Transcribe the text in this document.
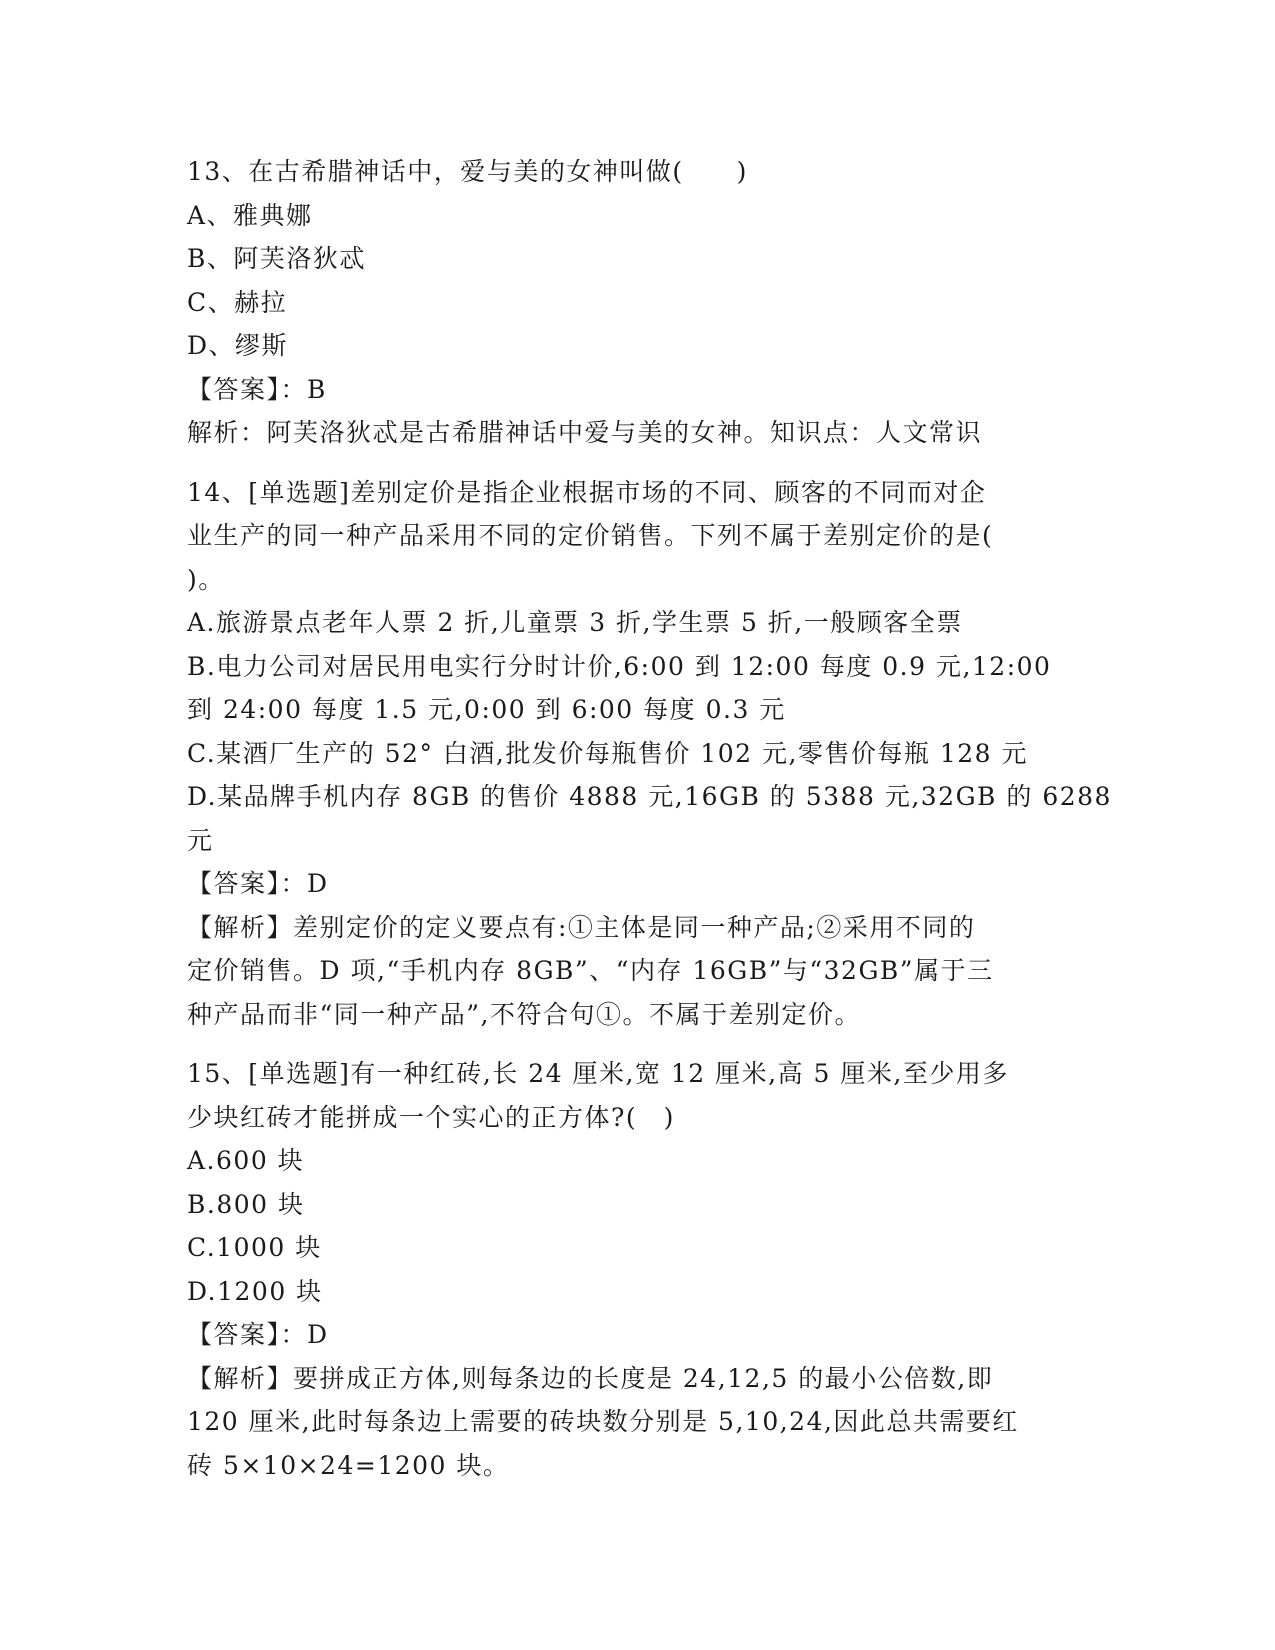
13、在古希腊神话中，爱与美的女神叫做(　　)
A、雅典娜
B、阿芙洛狄忒
C、赫拉
D、缪斯
【答案】：B
解析：阿芙洛狄忒是古希腊神话中爱与美的女神。知识点：人文常识
14、[单选题]差别定价是指企业根据市场的不同、顾客的不同而对企
业生产的同一种产品采用不同的定价销售。下列不属于差别定价的是(
)。
A.旅游景点老年人票 2 折,儿童票 3 折,学生票 5 折,一般顾客全票
B.电力公司对居民用电实行分时计价,6:00 到 12:00 每度 0.9 元,12:00
到 24:00 每度 1.5 元,0:00 到 6:00 每度 0.3 元
C.某酒厂生产的 52° 白酒,批发价每瓶售价 102 元,零售价每瓶 128 元
D.某品牌手机内存 8GB 的售价 4888 元,16GB 的 5388 元,32GB 的 6288
元
【答案】：D
【解析】差别定价的定义要点有:①主体是同一种产品;②采用不同的
定价销售。D 项,“手机内存 8GB”、“内存 16GB”与“32GB”属于三
种产品而非“同一种产品”,不符合句①。不属于差别定价。
15、[单选题]有一种红砖,长 24 厘米,宽 12 厘米,高 5 厘米,至少用多
少块红砖才能拼成一个实心的正方体?(　)
A.600 块
B.800 块
C.1000 块
D.1200 块
【答案】：D
【解析】要拼成正方体,则每条边的长度是 24,12,5 的最小公倍数,即
120 厘米,此时每条边上需要的砖块数分别是 5,10,24,因此总共需要红
砖 5×10×24=1200 块。
